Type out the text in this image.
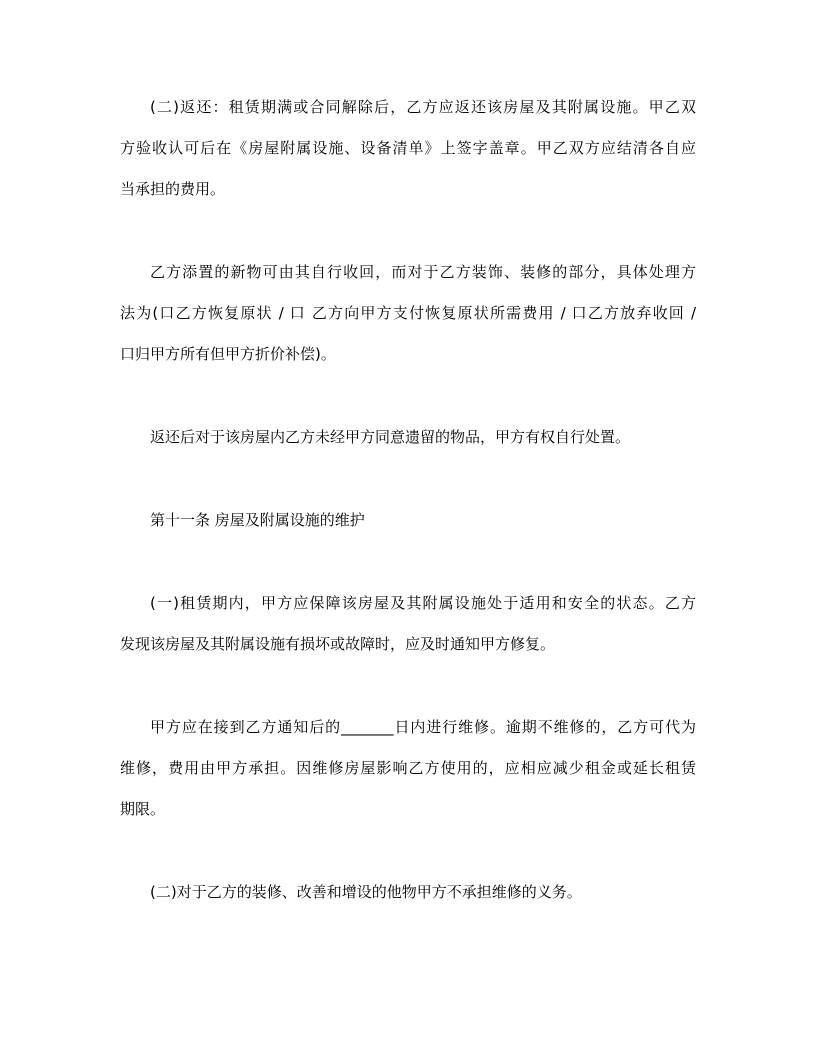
(二)返还：租赁期满或合同解除后，乙方应返还该房屋及其附属设施。甲乙双
方验收认可后在《房屋附属设施、设备清单》上签字盖章。甲乙双方应结清各自应
当承担的费用。
乙方添置的新物可由其自行收回，而对于乙方装饰、装修的部分，具体处理方
法为(口乙方恢复原状 / 口 乙方向甲方支付恢复原状所需费用 / 口乙方放弃收回 /
口归甲方所有但甲方折价补偿)。
返还后对于该房屋内乙方未经甲方同意遗留的物品，甲方有权自行处置。
第十一条 房屋及附属设施的维护
(一)租赁期内，甲方应保障该房屋及其附属设施处于适用和安全的状态。乙方
发现该房屋及其附属设施有损坏或故障时，应及时通知甲方修复。
甲方应在接到乙方通知后的_______日内进行维修。逾期不维修的，乙方可代为
维修，费用由甲方承担。因维修房屋影响乙方使用的，应相应减少租金或延长租赁
期限。
(二)对于乙方的装修、改善和增设的他物甲方不承担维修的义务。
